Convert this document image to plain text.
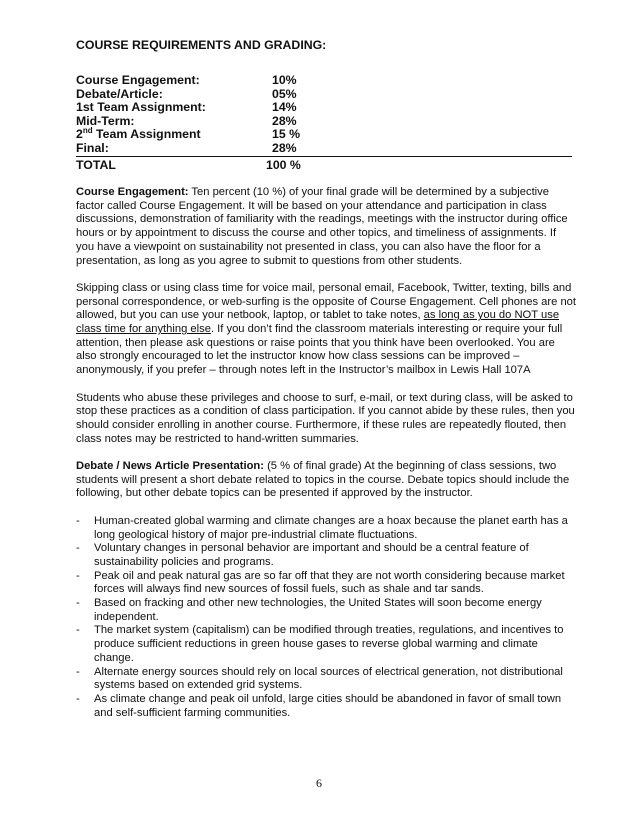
COURSE REQUIREMENTS AND GRADING:
Course Engagement:	10%
Debate/Article:	05%
1st Team Assignment:	14%
Mid-Term:	28%
2nd Team Assignment	15 %
Final:	28%
TOTAL	100 %

Course Engagement: Ten percent (10 %) of your final grade will be determined by a subjective factor called Course Engagement. It will be based on your attendance and participation in class discussions, demonstration of familiarity with the readings, meetings with the instructor during office hours or by appointment to discuss the course and other topics, and timeliness of assignments. If you have a viewpoint on sustainability not presented in class, you can also have the floor for a presentation, as long as you agree to submit to questions from other students.

Skipping class or using class time for voice mail, personal email, Facebook, Twitter, texting, bills and personal correspondence, or web-surfing is the opposite of Course Engagement. Cell phones are not allowed, but you can use your netbook, laptop, or tablet to take notes, as long as you do NOT use class time for anything else. If you don’t find the classroom materials interesting or require your full attention, then please ask questions or raise points that you think have been overlooked. You are also strongly encouraged to let the instructor know how class sessions can be improved – anonymously, if you prefer – through notes left in the Instructor’s mailbox in Lewis Hall 107A

Students who abuse these privileges and choose to surf, e-mail, or text during class, will be asked to stop these practices as a condition of class participation. If you cannot abide by these rules, then you should consider enrolling in another course. Furthermore, if these rules are repeatedly flouted, then class notes may be restricted to hand-written summaries.

Debate / News Article Presentation: (5 % of final grade) At the beginning of class sessions, two students will present a short debate related to topics in the course. Debate topics should include the following, but other debate topics can be presented if approved by the instructor.

- Human-created global warming and climate changes are a hoax because the planet earth has a long geological history of major pre-industrial climate fluctuations.
- Voluntary changes in personal behavior are important and should be a central feature of sustainability policies and programs.
- Peak oil and peak natural gas are so far off that they are not worth considering because market forces will always find new sources of fossil fuels, such as shale and tar sands.
- Based on fracking and other new technologies, the United States will soon become energy independent.
- The market system (capitalism) can be modified through treaties, regulations, and incentives to produce sufficient reductions in green house gases to reverse global warming and climate change.
- Alternate energy sources should rely on local sources of electrical generation, not distributional systems based on extended grid systems.
- As climate change and peak oil unfold, large cities should be abandoned in favor of small town and self-sufficient farming communities.
6
